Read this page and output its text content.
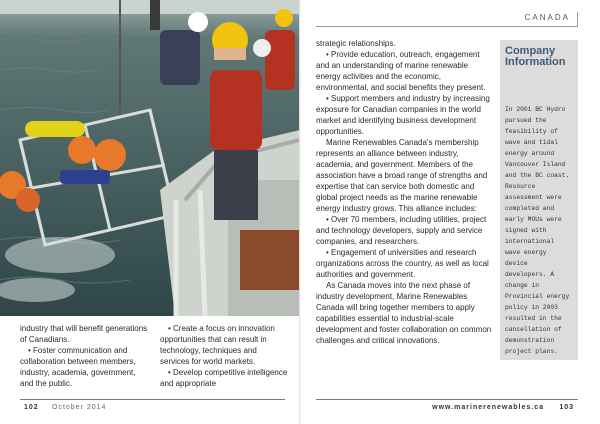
industry that will benefit generations of Canadians.

• Foster communication and collaboration between members, industry, academia, government, and the public.

• Create a focus on innovation opportunities that can result in technology, techniques and services for world markets.

• Develop competitive intelligence and appropriate

102 October 2014
CANADA

strategic relationships.

• Provide education, outreach, engagement and an understanding of marine renewable energy activities and the economic, environmental, and social benefits they present.

• Support members and industry by increasing exposure for Canadian companies in the world market and identifying business development opportunities.

Marine Renewables Canada's membership represents an alliance between industry, academia, and government. Members of the association have a broad range of strengths and expertise that can service both domestic and global project needs as the marine renewable energy industry grows. This alliance includes:

• Over 70 members, including utilities, project and technology developers, supply and service companies, and researchers.

• Engagement of universities and research organizations across the country, as well as local authorities and government.

As Canada moves into the next phase of industry development, Marine Renewables Canada will bring together members to apply capabilities essential to industrial-scale development and foster collaboration on common challenges and critical innovations.

Company Information
In 2001 BC Hydro pursued the feasibility of wave and tidal energy around Vancouver Island and the BC coast. Resource assessment were completed and early MOUs were signed with international wave energy device developers. A change in Provincial energy policy in 2003 resulted in the cancellation of demonstration project plans.
www.marinerenewables.ca 103
